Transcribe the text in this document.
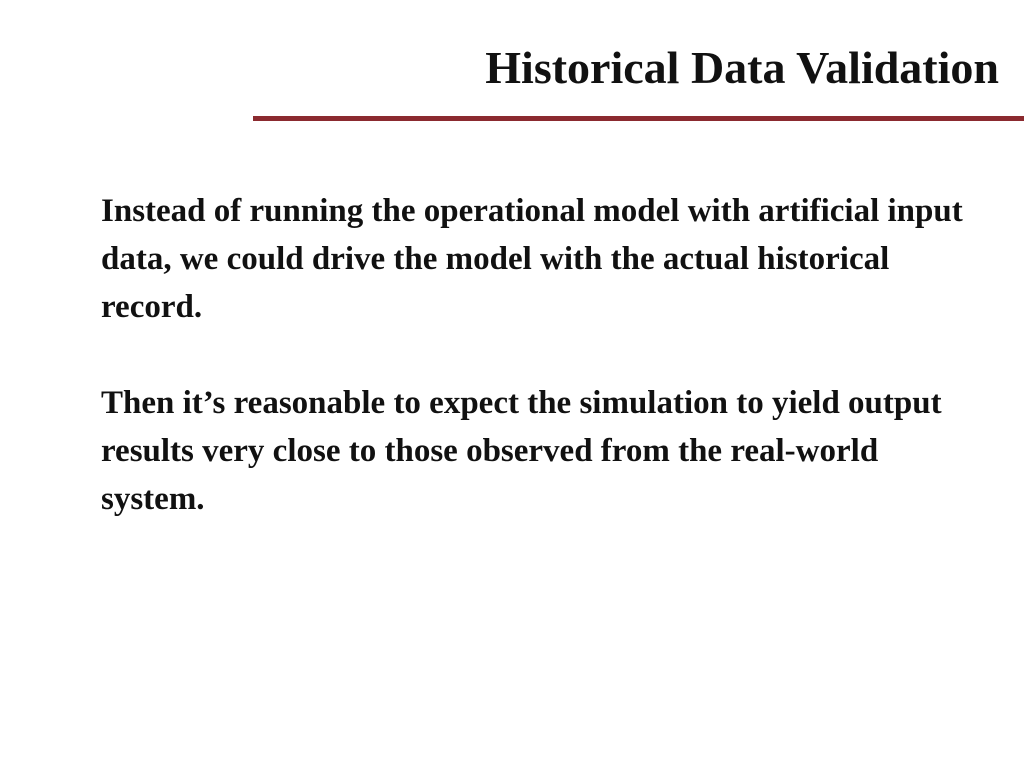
Historical Data Validation

Instead of running the operational model with artificial input data, we could drive the model with the actual historical record.

Then it’s reasonable to expect the simulation to yield output results very close to those observed from the real-world system.
